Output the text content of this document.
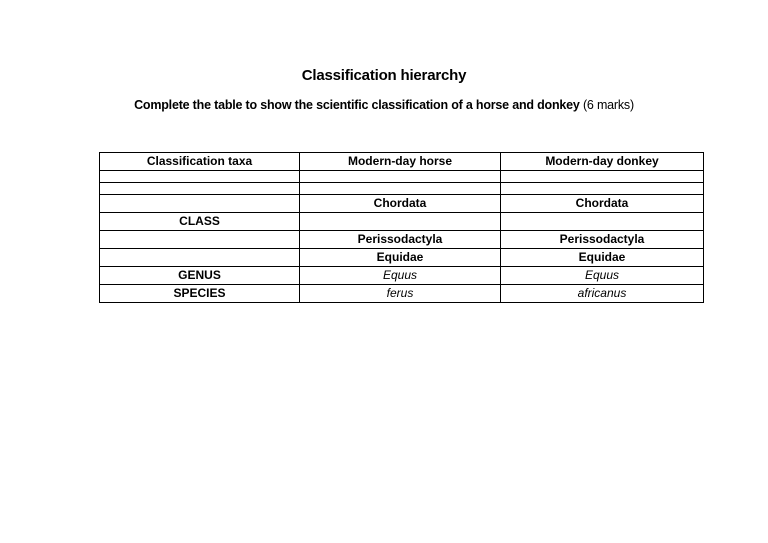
Classification hierarchy
Complete the table to show the scientific classification of a horse and donkey (6 marks)
Classification taxa	Modern-day horse	Modern-day donkey

	Chordata	Chordata
CLASS		
	Perissodactyla	Perissodactyla
	Equidae	Equidae
GENUS	Equus	Equus
SPECIES	ferus	africanus
